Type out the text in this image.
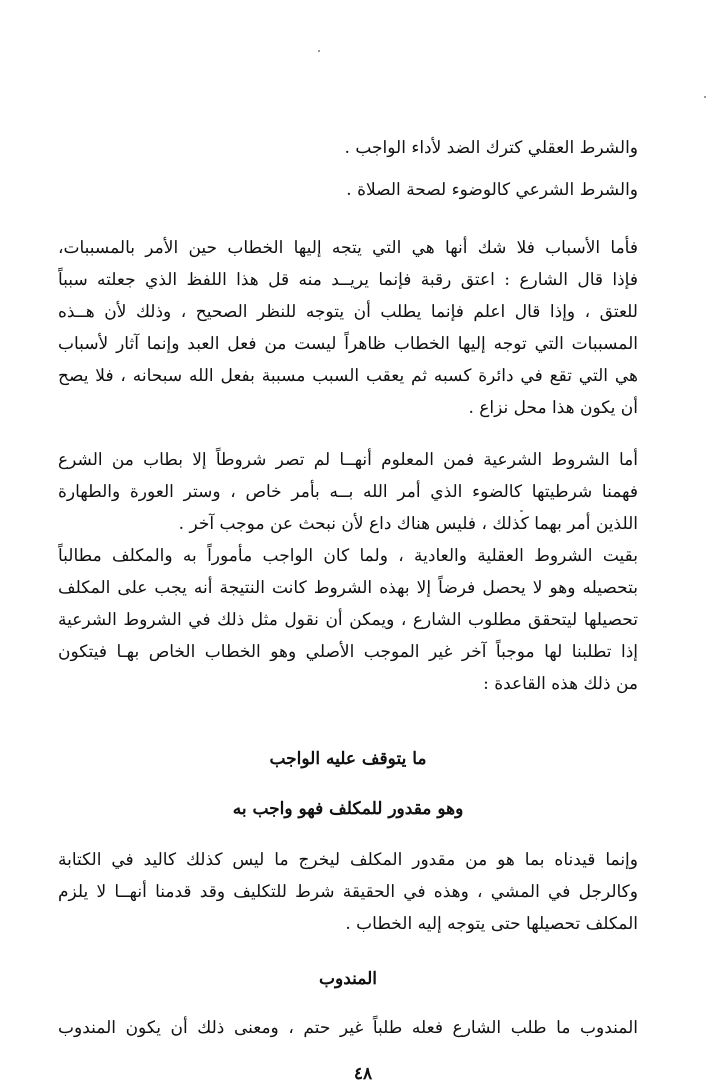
والشرط العقلي كترك الضد لأداء الواجب .
والشرط الشرعي كالوضوء لصحة الصلاة .
فأما الأسباب فلا شك أنها هي التي يتجه إليها الخطاب حين الأمر بالمسببات،
فإذا قال الشارع : اعتق رقبة فإنما يريــد منه قل هذا اللفظ الذي جعلته سبباً
للعتق ، وإذا قال اعلم فإنما يطلب أن يتوجه للنظر الصحيح ، وذلك لأن هــذه
المسببات التي توجه إليها الخطاب ظاهراً ليست من فعل العبد وإنما آثار لأسباب
هي التي تقع في دائرة كسبه ثم يعقب السبب مسببة بفعل الله سبحانه ، فلا يصح
أن يكون هذا محل نزاع .
أما الشروط الشرعية فمن المعلوم أنهــا لم تصر شروطاً إلا بطاب من الشرع
فهمنا شرطيتها كالضوء الذي أمر الله بــه بأمر خاص ، وستر العورة والطهارة
اللذين أمر بهما كذلك ، فليس هناك داع لأن نبحث عن موجب آخر .
بقيت الشروط العقلية والعادية ، ولما كان الواجب مأموراً به والمكلف مطالباً
بتحصيله وهو لا يحصل فرضاً إلا بهذه الشروط كانت النتيجة أنه يجب على المكلف
تحصيلها ليتحقق مطلوب الشارع ، ويمكن أن نقول مثل ذلك في الشروط الشرعية
إذا تطلبنا لها موجباً آخر غير الموجب الأصلي وهو الخطاب الخاص بهـا فيتكون
من ذلك هذه القاعدة :
ما يتوقف عليه الواجب
وهو مقدور للمكلف فهو واجب به
وإنما قيدناه بما هو من مقدور المكلف ليخرج ما ليس كذلك كاليد في الكتابة
وكالرجل في المشي ، وهذه في الحقيقة شرط للتكليف وقد قدمنا أنهــا لا يلزم
المكلف تحصيلها حتى يتوجه إليه الخطاب .
المندوب
المندوب ما طلب الشارع فعله طلباً غير حتم ، ومعنى ذلك أن يكون المندوب
٤٨
